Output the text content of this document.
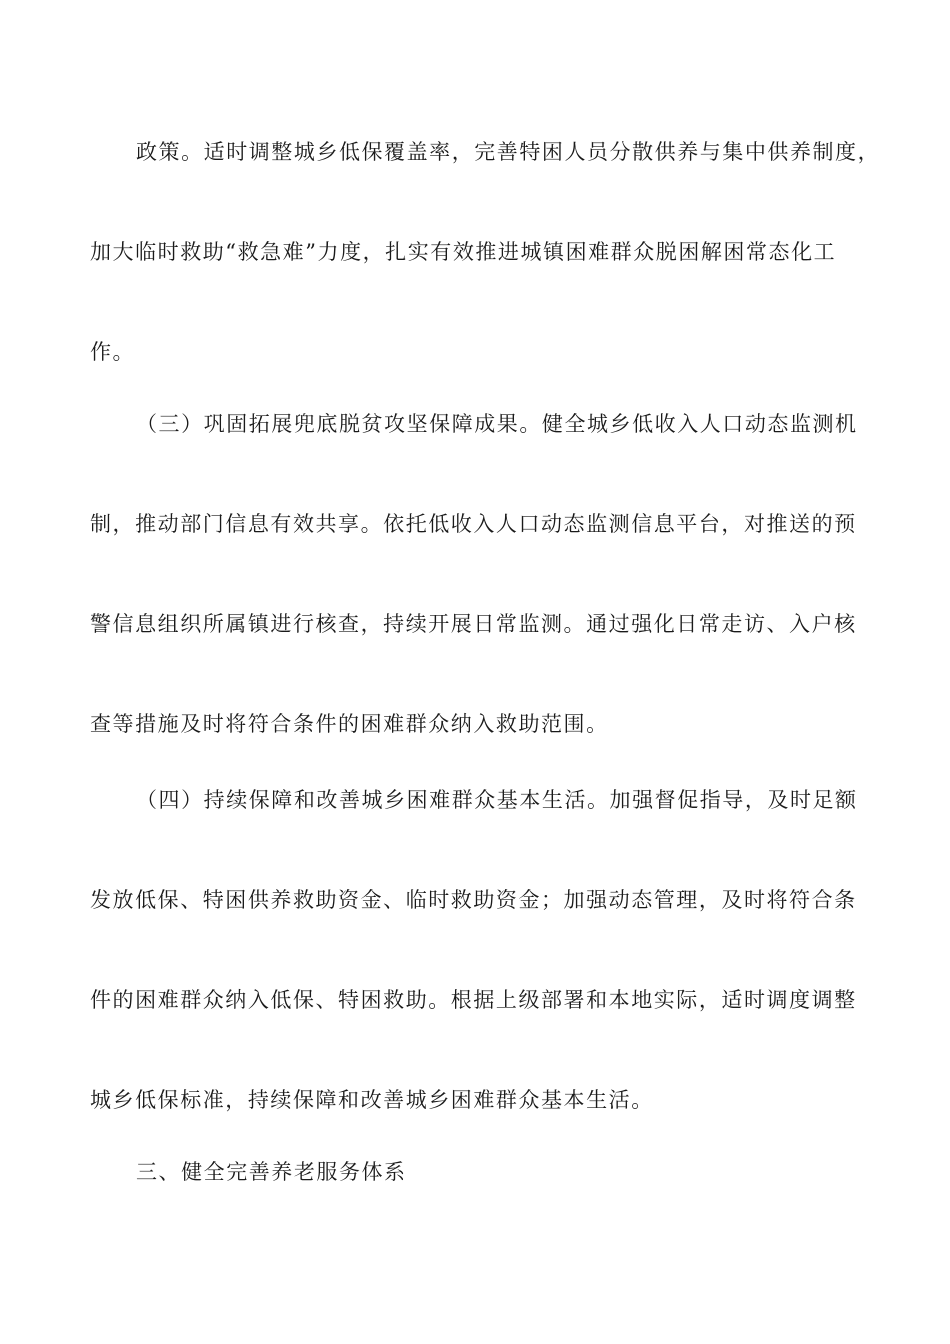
政策。适时调整城乡低保覆盖率，完善特困人员分散供养与集中供养制度，
加大临时救助“救急难”力度，扎实有效推进城镇困难群众脱困解困常态化工
作。
（三）巩固拓展兜底脱贫攻坚保障成果。健全城乡低收入人口动态监测机
制，推动部门信息有效共享。依托低收入人口动态监测信息平台，对推送的预
警信息组织所属镇进行核查，持续开展日常监测。通过强化日常走访、入户核
查等措施及时将符合条件的困难群众纳入救助范围。
（四）持续保障和改善城乡困难群众基本生活。加强督促指导，及时足额
发放低保、特困供养救助资金、临时救助资金；加强动态管理，及时将符合条
件的困难群众纳入低保、特困救助。根据上级部署和本地实际，适时调度调整
城乡低保标准，持续保障和改善城乡困难群众基本生活。
三、健全完善养老服务体系
